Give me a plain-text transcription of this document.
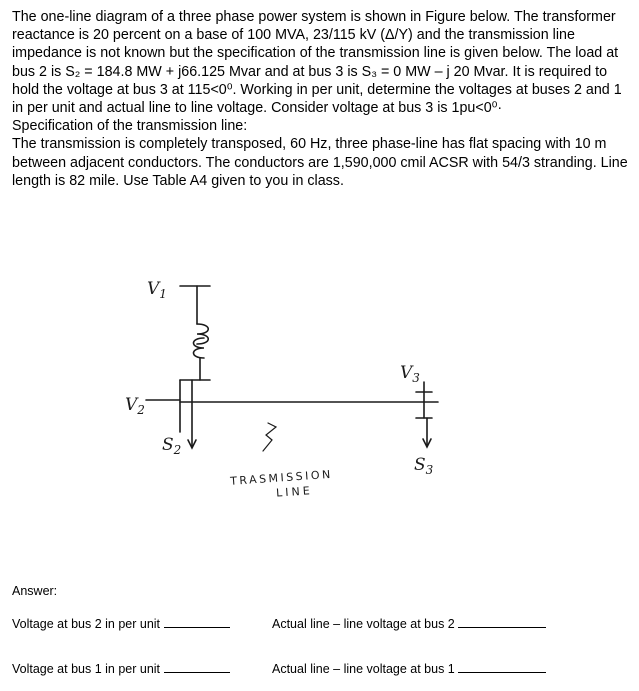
The one-line diagram of a three phase power system is shown in Figure below. The transformer reactance is 20 percent on a base of 100 MVA, 23/115 kV (Δ/Y) and the transmission line impedance is not known but the specification of the transmission line is given below. The load at bus 2 is S₂ = 184.8 MW + j66.125 Mvar and at bus 3 is S₃ = 0 MW – j 20 Mvar. It is required to hold the voltage at bus 3 at 115<0⁰. Working in per unit, determine the voltages at buses 2 and 1 in per unit and actual line to line voltage. Consider voltage at bus 3 is 1pu<0⁰·

Specification of the transmission line:

The transmission is completely transposed, 60 Hz, three phase-line has flat spacing with 10 m between adjacent conductors. The conductors are 1,590,000 cmil ACSR with 54/3 stranding. Line length is 82 mile. Use Table A4 given to you in class.

$V_1$
$V_2$
$V_3$
$S_2$
$S_3$
TRASMISSION
LINE
Answer:
Voltage at bus 2 in per unit	Actual line – line voltage at bus 2
Voltage at bus 1 in per unit	Actual line – line voltage at bus 1
